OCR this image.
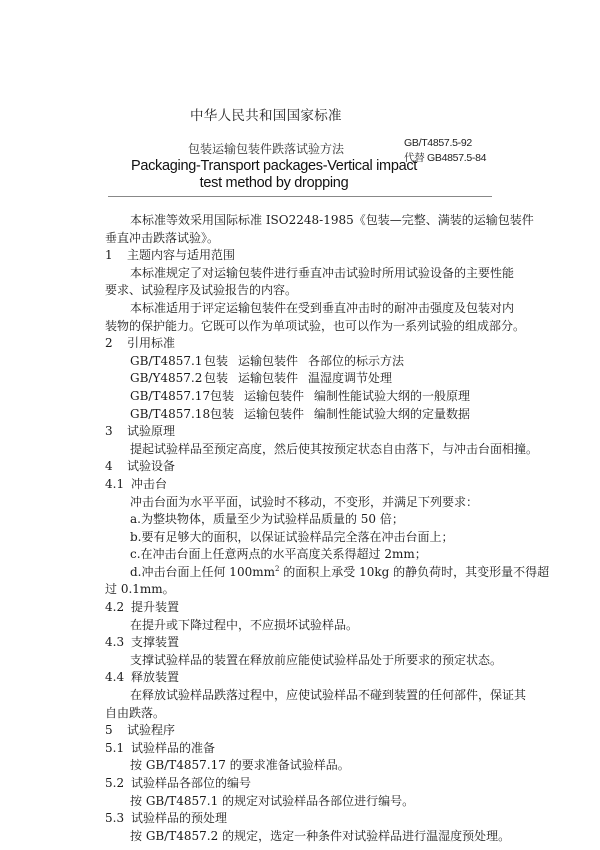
中华人民共和国国家标准
包装运输包装件跌落试验方法	GB/T4857.5-92
代替 GB4857.5-84
Packaging-Transport packages-Vertical impact test method by dropping
本标准等效采用国际标准 ISO2248-1985《包装—完整、满装的运输包装件
垂直冲击跌落试验》。
1 主题内容与适用范围
本标准规定了对运输包装件进行垂直冲击试验时所用试验设备的主要性能
要求、试验程序及试验报告的内容。
本标准适用于评定运输包装件在受到垂直冲击时的耐冲击强度及包装对内
装物的保护能力。它既可以作为单项试验，也可以作为一系列试验的组成部分。
2 引用标准
GB/T4857.1 包装 运输包装件 各部位的标示方法
GB/Y4857.2 包装 运输包装件 温湿度调节处理
GB/T4857.17包装 运输包装件 编制性能试验大纲的一般原理
GB/T4857.18包装 运输包装件 编制性能试验大纲的定量数据
3 试验原理
提起试验样品至预定高度，然后使其按预定状态自由落下，与冲击台面相撞。
4 试验设备
4.1 冲击台
冲击台面为水平平面，试验时不移动，不变形，并满足下列要求：
a.为整块物体，质量至少为试验样品质量的 50 倍；
b.要有足够大的面积，以保证试验样品完全落在冲击台面上；
c.在冲击台面上任意两点的水平高度关系得超过 2mm；
d.冲击台面上任何 $100mm^2$ 的面积上承受 10kg 的静负荷时，其变形量不得超
过 0.1mm。
4.2 提升装置
在提升或下降过程中，不应损坏试验样品。
4.3 支撑装置
支撑试验样品的装置在释放前应能使试验样品处于所要求的预定状态。
4.4 释放装置
在释放试验样品跌落过程中，应使试验样品不碰到装置的任何部件，保证其
自由跌落。
5 试验程序
5.1 试验样品的准备
按 GB/T4857.17 的要求准备试验样品。
5.2 试验样品各部位的编号
按 GB/T4857.1 的规定对试验样品各部位进行编号。
5.3 试验样品的预处理
按 GB/T4857.2 的规定，选定一种条件对试验样品进行温湿度预处理。
